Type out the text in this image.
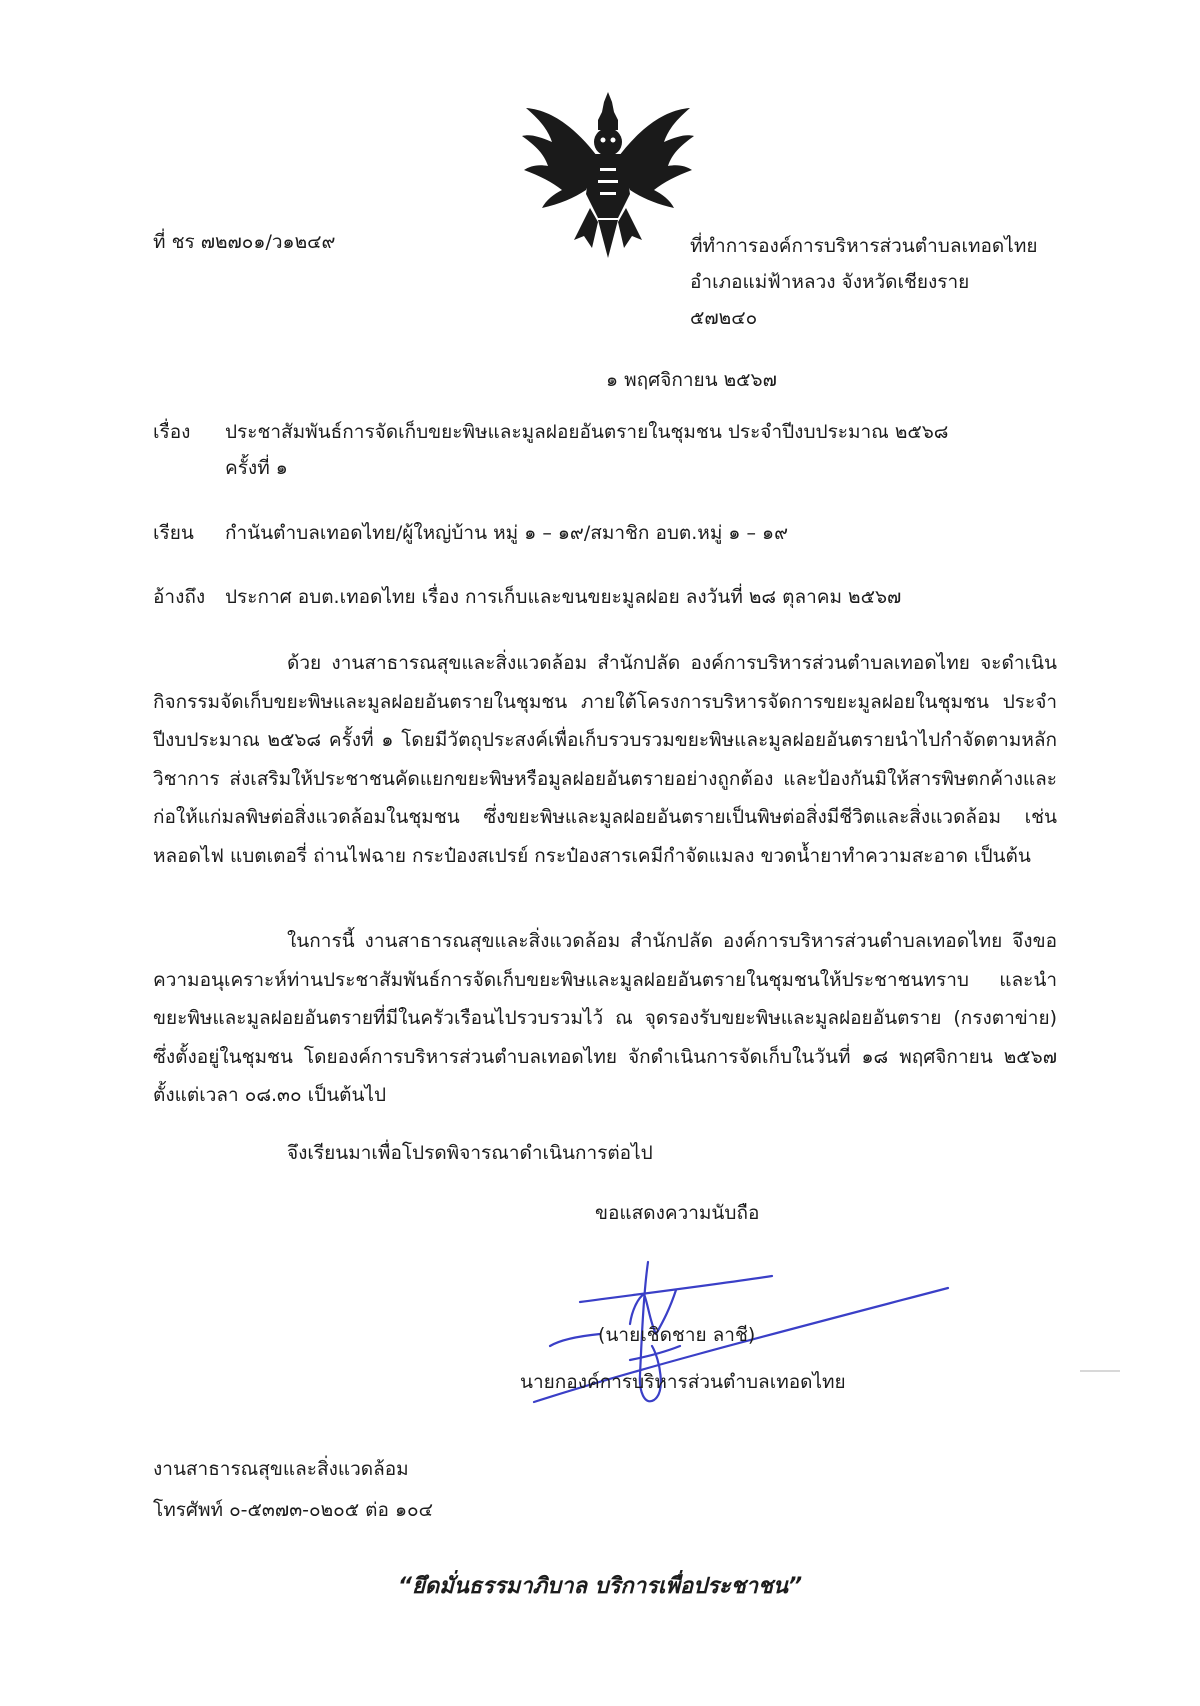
ที่ ชร ๗๒๗๐๑/ว๑๒๔๙	ที่ทำการองค์การบริหารส่วนตำบลเทอดไทย
อำเภอแม่ฟ้าหลวง จังหวัดเชียงราย
๕๗๒๔๐
๑ พฤศจิกายน ๒๕๖๗
เรื่อง ประชาสัมพันธ์การจัดเก็บขยะพิษและมูลฝอยอันตรายในชุมชน ประจำปีงบประมาณ ๒๕๖๘
ครั้งที่ ๑
เรียน กำนันตำบลเทอดไทย/ผู้ใหญ่บ้าน หมู่ ๑ – ๑๙/สมาชิก อบต.หมู่ ๑ – ๑๙
อ้างถึง ประกาศ อบต.เทอดไทย เรื่อง การเก็บและขนขยะมูลฝอย ลงวันที่ ๒๘ ตุลาคม ๒๕๖๗
ด้วย งานสาธารณสุขและสิ่งแวดล้อม สำนักปลัด องค์การบริหารส่วนตำบลเทอดไทย จะดำเนินกิจกรรมจัดเก็บขยะพิษและมูลฝอยอันตรายในชุมชน ภายใต้โครงการบริหารจัดการขยะมูลฝอยในชุมชน ประจำปีงบประมาณ ๒๕๖๘ ครั้งที่ ๑ โดยมีวัตถุประสงค์เพื่อเก็บรวบรวมขยะพิษและมูลฝอยอันตรายนำไปกำจัดตามหลักวิชาการ ส่งเสริมให้ประชาชนคัดแยกขยะพิษหรือมูลฝอยอันตรายอย่างถูกต้อง และป้องกันมิให้สารพิษตกค้างและก่อให้แก่มลพิษต่อสิ่งแวดล้อมในชุมชน ซึ่งขยะพิษและมูลฝอยอันตรายเป็นพิษต่อสิ่งมีชีวิตและสิ่งแวดล้อม เช่น หลอดไฟ แบตเตอรี่ ถ่านไฟฉาย กระป๋องสเปรย์ กระป๋องสารเคมีกำจัดแมลง ขวดน้ำยาทำความสะอาด เป็นต้น
ในการนี้ งานสาธารณสุขและสิ่งแวดล้อม สำนักปลัด องค์การบริหารส่วนตำบลเทอดไทย จึงขอความอนุเคราะห์ท่านประชาสัมพันธ์การจัดเก็บขยะพิษและมูลฝอยอันตรายในชุมชนให้ประชาชนทราบ และนำขยะพิษและมูลฝอยอันตรายที่มีในครัวเรือนไปรวบรวมไว้ ณ จุดรองรับขยะพิษและมูลฝอยอันตราย (กรงตาข่าย) ซึ่งตั้งอยู่ในชุมชน โดยองค์การบริหารส่วนตำบลเทอดไทย จักดำเนินการจัดเก็บในวันที่ ๑๘ พฤศจิกายน ๒๕๖๗ ตั้งแต่เวลา ๐๘.๓๐ เป็นต้นไป
จึงเรียนมาเพื่อโปรดพิจารณาดำเนินการต่อไป
ขอแสดงความนับถือ
(นายเชิดชาย ลาชี)
นายกองค์การบริหารส่วนตำบลเทอดไทย
งานสาธารณสุขและสิ่งแวดล้อม
โทรศัพท์ ๐-๕๓๗๓-๐๒๐๕ ต่อ ๑๐๔
“ยึดมั่นธรรมาภิบาล บริการเพื่อประชาชน”
